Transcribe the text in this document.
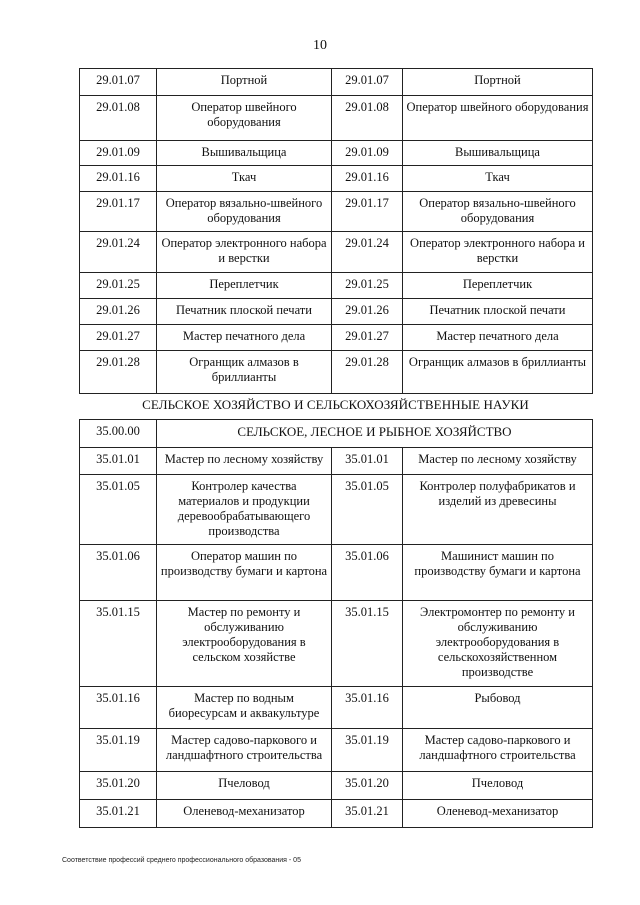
10
29.01.07	Портной	29.01.07	Портной
29.01.08	Оператор швейного оборудования	29.01.08	Оператор швейного оборудования
29.01.09	Вышивальщица	29.01.09	Вышивальщица
29.01.16	Ткач	29.01.16	Ткач
29.01.17	Оператор вязально-швейного оборудования	29.01.17	Оператор вязально-швейного оборудования
29.01.24	Оператор электронного набора и верстки	29.01.24	Оператор электронного набора и верстки
29.01.25	Переплетчик	29.01.25	Переплетчик
29.01.26	Печатник плоской печати	29.01.26	Печатник плоской печати
29.01.27	Мастер печатного дела	29.01.27	Мастер печатного дела
29.01.28	Огранщик алмазов в бриллианты	29.01.28	Огранщик алмазов в бриллианты
СЕЛЬСКОЕ ХОЗЯЙСТВО И СЕЛЬСКОХОЗЯЙСТВЕННЫЕ НАУКИ
35.00.00	СЕЛЬСКОЕ, ЛЕСНОЕ И РЫБНОЕ ХОЗЯЙСТВО		
35.01.01	Мастер по лесному хозяйству	35.01.01	Мастер по лесному хозяйству
35.01.05	Контролер качества материалов и продукции деревообрабатывающего производства	35.01.05	Контролер полуфабрикатов и изделий из древесины
35.01.06	Оператор машин по производству бумаги и картона	35.01.06	Машинист машин по производству бумаги и картона
35.01.15	Мастер по ремонту и обслуживанию электрооборудования в сельском хозяйстве	35.01.15	Электромонтер по ремонту и обслуживанию электрооборудования в сельскохозяйственном производстве
35.01.16	Мастер по водным биоресурсам и аквакультуре	35.01.16	Рыбовод
35.01.19	Мастер садово-паркового и ландшафтного строительства	35.01.19	Мастер садово-паркового и ландшафтного строительства
35.01.20	Пчеловод	35.01.20	Пчеловод
35.01.21	Оленевод-механизатор	35.01.21	Оленевод-механизатор
Соответствие профессий среднего профессионального образования - 05
